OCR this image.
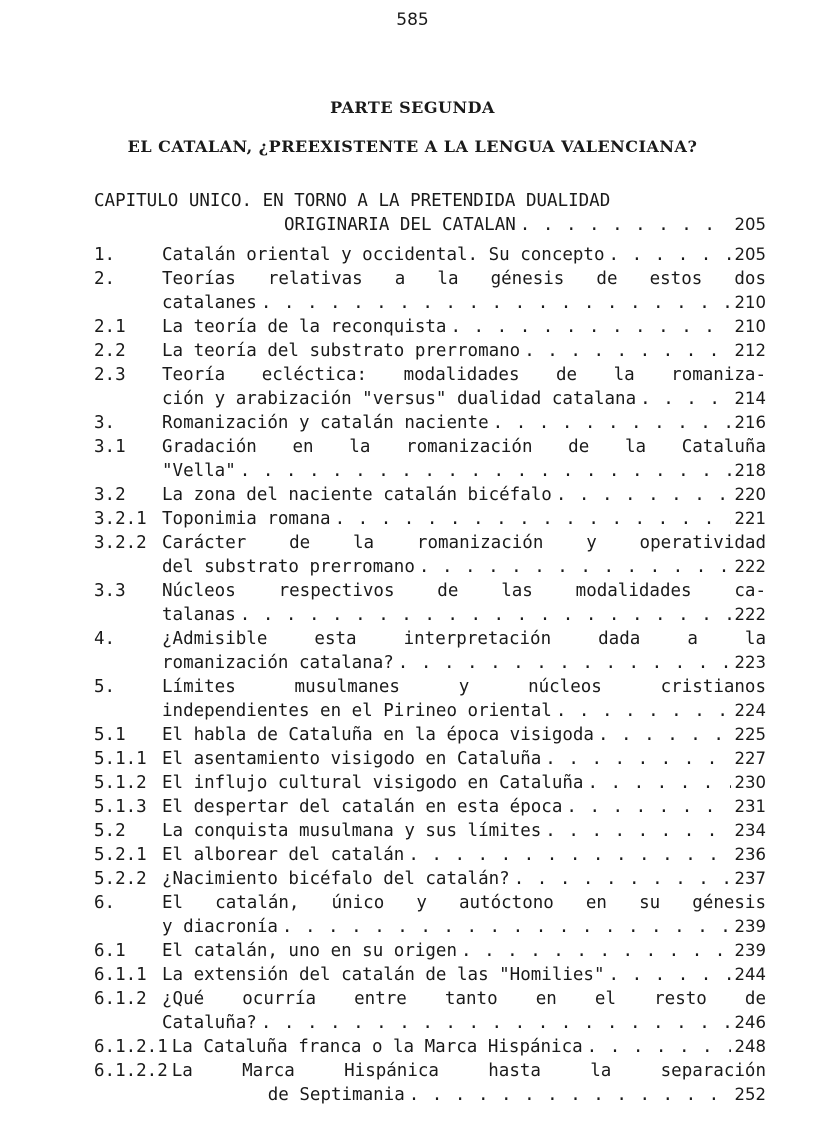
585
PARTE SEGUNDA
EL CATALAN, ¿PREEXISTENTE A LA LENGUA VALENCIANA?
CAPITULO UNICO. EN TORNO A LA PRETENDIDA DUALIDAD
ORIGINARIA DEL CATALAN . . .	205
1.	Catalán oriental y occidental. Su concepto . . .	205
2.	Teorías relativas a la génesis de estos dos
catalanes . . .	210
2.1	La teoría de la reconquista . . .	210
2.2	La teoría del substrato prerromano . . .	212
2.3	Teoría ecléctica: modalidades de la romaniza-
ción y arabización "versus" dualidad catalana . . .	214
3.	Romanización y catalán naciente . . .	216
3.1	Gradación en la romanización de la Cataluña
"Vella" . . .	218
3.2	La zona del naciente catalán bicéfalo . . .	220
3.2.1 Toponimia romana . . .	221
3.2.2 Carácter de la romanización y operatividad
del substrato prerromano . . .	222
3.3	Núcleos respectivos de las modalidades ca-
talanas . . .	222
4.	¿Admisible esta interpretación dada a la
romanización catalana? . . .	223
5.	Límites musulmanes y núcleos cristianos
independientes en el Pirineo oriental . . .	224
5.1	El habla de Cataluña en la época visigoda . . .	225
5.1.1 El asentamiento visigodo en Cataluña . . .	227
5.1.2 El influjo cultural visigodo en Cataluña . . .	230
5.1.3 El despertar del catalán en esta época . . .	231
5.2	La conquista musulmana y sus límites . . .	234
5.2.1 El alborear del catalán . . .	236
5.2.2 ¿Nacimiento bicéfalo del catalán? . . .	237
6.	El catalán, único y autóctono en su génesis
y diacronía . . .	239
6.1	El catalán, uno en su origen . . .	239
6.1.1 La extensión del catalán de las "Homilies" . . .	244
6.1.2 ¿Qué ocurría entre tanto en el resto de
Cataluña? . . .	246
6.1.2.1 La Cataluña franca o la Marca Hispánica . . .	248
6.1.2.2 La Marca Hispánica hasta la separación
de Septimania . . .	252
